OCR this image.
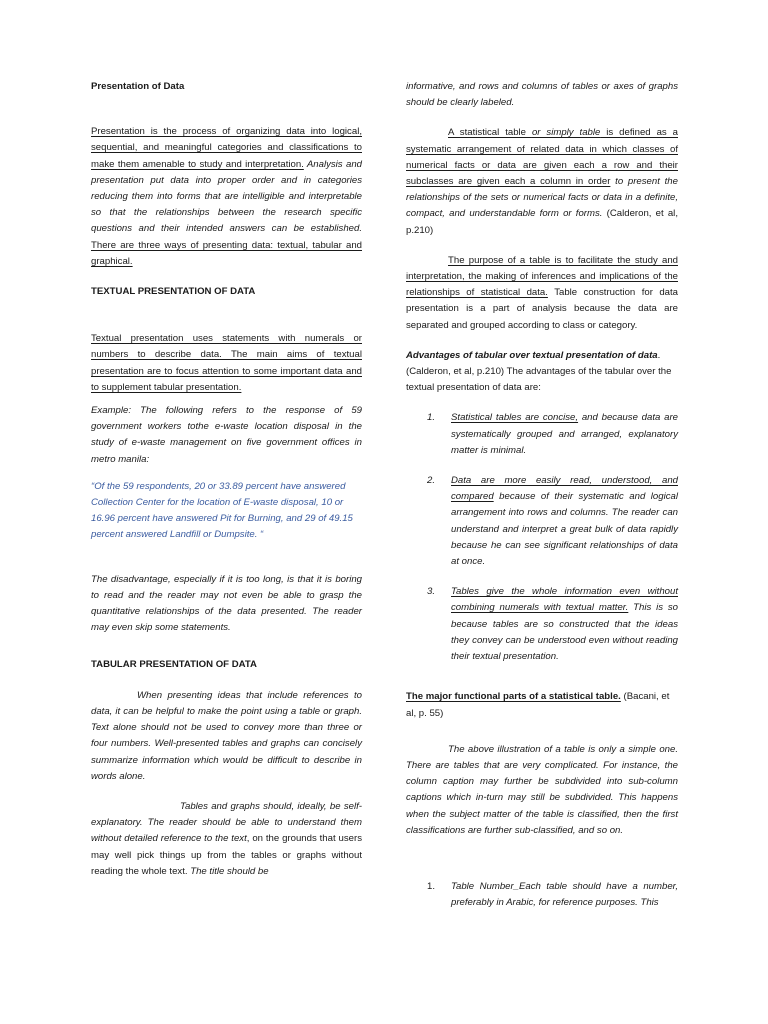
Presentation of Data

Presentation is the process of organizing data into logical, sequential, and meaningful categories and classifications to make them amenable to study and interpretation. Analysis and presentation put data into proper order and in categories reducing them into forms that are intelligible and interpretable so that the relationships between the research specific questions and their intended answers can be established. There are three ways of presenting data: textual, tabular and graphical.

TEXTUAL PRESENTATION OF DATA

Textual presentation uses statements with numerals or numbers to describe data. The main aims of textual presentation are to focus attention to some important data and to supplement tabular presentation.

Example: The following refers to the response of 59 government workers tothe e-waste location disposal in the study of e-waste management on five government offices in metro manila:

“Of the 59 respondents, 20 or 33.89 percent have answered Collection Center for the location of E-waste disposal, 10 or 16.96 percent have answered Pit for Burning, and 29 of 49.15 percent answered Landfill or Dumpsite. “

The disadvantage, especially if it is too long, is that it is boring to read and the reader may not even be able to grasp the quantitative relationships of the data presented. The reader may even skip some statements.

TABULAR PRESENTATION OF DATA

When presenting ideas that include references to data, it can be helpful to make the point using a table or graph. Text alone should not be used to convey more than three or four numbers. Well-presented tables and graphs can concisely summarize information which would be difficult to describe in words alone.

Tables and graphs should, ideally, be self-explanatory. The reader should be able to understand them without detailed reference to the text, on the grounds that users may well pick things up from the tables or graphs without reading the whole text. The title should be

informative, and rows and columns of tables or axes of graphs should be clearly labeled.

A statistical table or simply table is defined as a systematic arrangement of related data in which classes of numerical facts or data are given each a row and their subclasses are given each a column in order to present the relationships of the sets or numerical facts or data in a definite, compact, and understandable form or forms. (Calderon, et al, p.210)

The purpose of a table is to facilitate the study and interpretation, the making of inferences and implications of the relationships of statistical data. Table construction for data presentation is a part of analysis because the data are separated and grouped according to class or category.

Advantages of tabular over textual presentation of data. (Calderon, et al, p.210) The advantages of the tabular over the textual presentation of data are:

1. Statistical tables are concise, and because data are systematically grouped and arranged, explanatory matter is minimal.

2. Data are more easily read, understood, and compared because of their systematic and logical arrangement into rows and columns. The reader can understand and interpret a great bulk of data rapidly because he can see significant relationships of data at once.

3. Tables give the whole information even without combining numerals with textual matter. This is so because tables are so constructed that the ideas they convey can be understood even without reading their textual presentation.

The major functional parts of a statistical table. (Bacani, et al, p. 55)

The above illustration of a table is only a simple one. There are tables that are very complicated. For instance, the column caption may further be subdivided into sub-column captions which in-turn may still be subdivided. This happens when the subject matter of the table is classified, then the first classifications are further sub-classified, and so on.

1. Table Number_Each table should have a number, preferably in Arabic, for reference purposes. This
